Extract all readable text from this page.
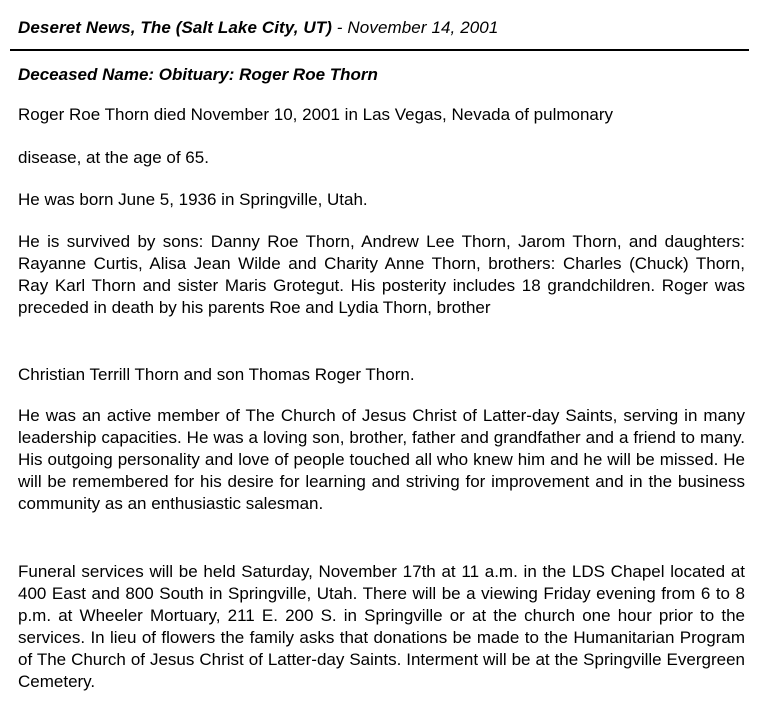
Deseret News, The (Salt Lake City, UT) - November 14, 2001
Deceased Name: Obituary: Roger Roe Thorn

Roger Roe Thorn died November 10, 2001 in Las Vegas, Nevada of pulmonary

disease, at the age of 65.

He was born June 5, 1936 in Springville, Utah.

He is survived by sons: Danny Roe Thorn, Andrew Lee Thorn, Jarom Thorn, and daughters: Rayanne Curtis, Alisa Jean Wilde and Charity Anne Thorn, brothers: Charles (Chuck) Thorn, Ray Karl Thorn and sister Maris Grotegut. His posterity includes 18 grandchildren. Roger was preceded in death by his parents Roe and Lydia Thorn, brother

Christian Terrill Thorn and son Thomas Roger Thorn.

He was an active member of The Church of Jesus Christ of Latter-day Saints, serving in many leadership capacities. He was a loving son, brother, father and grandfather and a friend to many. His outgoing personality and love of people touched all who knew him and he will be missed. He will be remembered for his desire for learning and striving for improvement and in the business community as an enthusiastic salesman.

Funeral services will be held Saturday, November 17th at 11 a.m. in the LDS Chapel located at 400 East and 800 South in Springville, Utah. There will be a viewing Friday evening from 6 to 8 p.m. at Wheeler Mortuary, 211 E. 200 S. in Springville or at the church one hour prior to the services. In lieu of flowers the family asks that donations be made to the Humanitarian Program of The Church of Jesus Christ of Latter-day Saints. Interment will be at the Springville Evergreen Cemetery.
